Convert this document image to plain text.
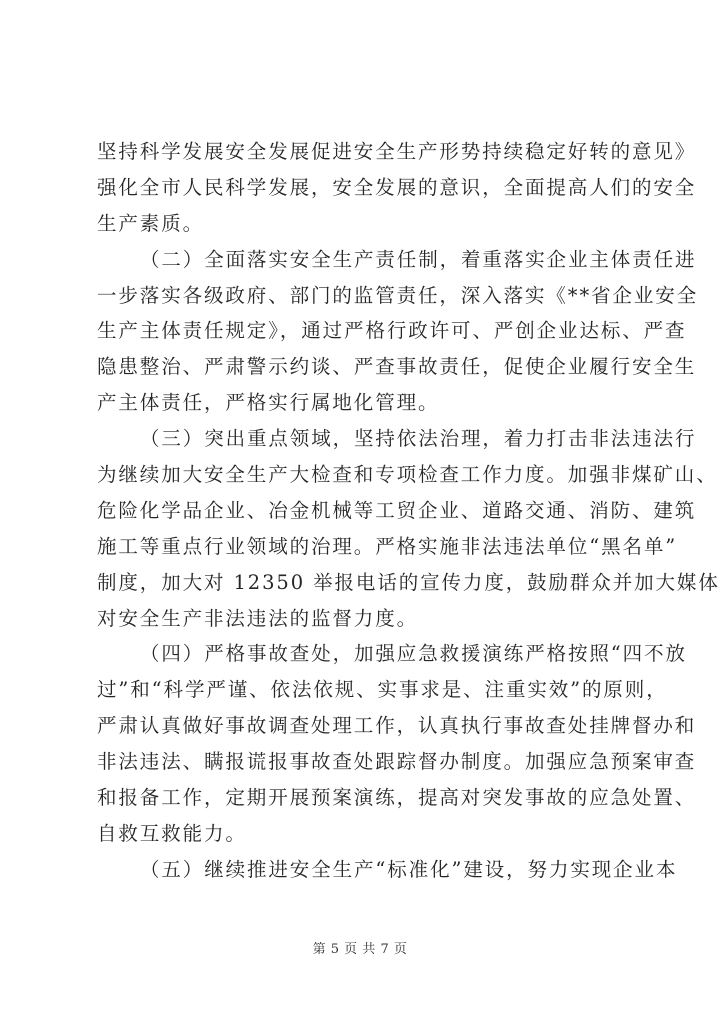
坚持科学发展安全发展促进安全生产形势持续稳定好转的意见》
强化全市人民科学发展，安全发展的意识，全面提高人们的安全
生产素质。
（二）全面落实安全生产责任制，着重落实企业主体责任进
一步落实各级政府、部门的监管责任，深入落实《**省企业安全
生产主体责任规定》，通过严格行政许可、严创企业达标、严查
隐患整治、严肃警示约谈、严查事故责任，促使企业履行安全生
产主体责任，严格实行属地化管理。
（三）突出重点领域，坚持依法治理，着力打击非法违法行
为继续加大安全生产大检查和专项检查工作力度。加强非煤矿山、
危险化学品企业、冶金机械等工贸企业、道路交通、消防、建筑
施工等重点行业领域的治理。严格实施非法违法单位“黑名单”
制度，加大对 12350 举报电话的宣传力度，鼓励群众并加大媒体
对安全生产非法违法的监督力度。
（四）严格事故查处，加强应急救援演练严格按照“四不放
过”和“科学严谨、依法依规、实事求是、注重实效”的原则，
严肃认真做好事故调查处理工作，认真执行事故查处挂牌督办和
非法违法、瞒报谎报事故查处跟踪督办制度。加强应急预案审查
和报备工作，定期开展预案演练，提高对突发事故的应急处置、
自救互救能力。
（五）继续推进安全生产“标准化”建设，努力实现企业本
第 5 页 共 7 页
